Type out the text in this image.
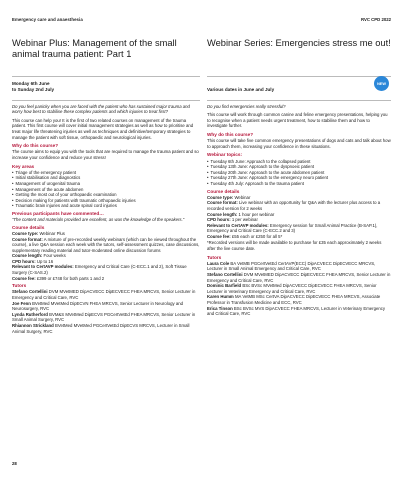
Emergency care and anaesthesia	RVC CPD 2022
Webinar Plus: Management of the small animal trauma patient: Part 1
Monday 6th June
to Sunday 2nd July
Do you feel panicky when you are faced with the patient who has sustained major trauma and worry how best to stabilise these complex patients and which injuries to treat first?

This course can help you! It is the first of two related courses on management of the trauma patient. This first course will cover initial management strategies as well as how to prioritise and treat major life threatening injuries as well as techniques and definitive/temporary strategies to manage the patient with soft tissue, orthopaedic and neurological injuries.

Why do this course?

The course aims to equip you with the tools that are required to manage the trauma patient and so increase your confidence and reduce your stress!

Key areas
• Triage of the emergency patient
• Initial stabilisation and diagnostics
• Management of urogenital trauma
• Management of the acute abdomen
• Getting the most out of your orthopaedic examination
• Decision making for patients with traumatic orthopaedic injuries
• Traumatic brain injuries and acute spinal cord injuries
Previous participants have commented…
“The content and materials provided are excellent, as was the knowledge of the speakers.”
Course details
Course type: Webinar Plus
Course format: A mixture of pre-recorded weekly webinars (which can be viewed throughout the course), a live Q&A session each week with the tutors, self-assessment quizzes, case discussions, supplementary reading material and tutor-moderated online discussion forums
Course length: Four weeks
CPD hours: Up to 16
Relevant to CertAVP modules: Emergency and Critical Care (C-ECC.1 and 2), Soft Tissue Surgery (C-SAS.2)
Course fee: £399 or £748 for both parts 1 and 2
Tutors
Stefano Cortellini DVM MVetMED DipACVECC DipECVECC FHEA MRCVS, Senior Lecturer in Emergency and Critical Care, RVC
Joe Fenn BVetMed MVetMed DipECVN FHEA MRCVS, Senior Lecturer in Neurology and Neurosurgery, RVC
Lynda Rutherford BVM&S MVetMed DipECVS PGCertVetEd FHEA MRCVS, Senior Lecturer in Small Animal Surgery, RVC
Rhiannon Strickland BVetMed MVetMed PGCertVetEd DipECVS MRCVS, Lecturer in Small Animal Surgery, RVC
Webinar Series: Emergencies stress me out!
Various dates in June and July
NEW
Do you find emergencies really stressful?

This course will work through common canine and feline emergency presentations, helping you to recognise when a patient needs urgent treatment, how to stabilise them and how to investigate further.

Why do this course?

This course will take five common emergency presentations of dogs and cats and talk about how to approach them, increasing your confidence in these situations.

Webinar topics:
• Tuesday 6th June: Approach to the collapsed patient
• Tuesday 13th June: Approach to the dyspnoeic patient
• Tuesday 20th June: Approach to the acute abdomen patient
• Tuesday 27th June: Approach to the emergency neuro patient
• Tuesday 4th July: Approach to the trauma patient
Course details
Course type: Webinar
Course format: Live webinar with an opportunity for Q&A with the lecturer plus access to a recorded version for 2 weeks
Course length: 1 hour per webinar
CPD hours: 1 per webinar
Relevant to CertAVP modules: Emergency session for Small Animal Practice (B-SAP.1), Emergency and Critical Care (C-ECC.2 and 3)
Course fee: £55 each or £250 for all 5*

*Recorded versions will be made available to purchase for £35 each approximately 2 weeks after the live course date.

Tutors
Laura Cole BA VetMB PGCertVetEd CertAVP(ECC) DipACVECC DipECVECC MRCVS, Lecturer in Small Animal Emergency and Critical Care, RVC
Stefano Cortellini DVM MVetMED DipACVECC DipECVECC FHEA MRCVS, Senior Lecturer in Emergency and Critical Care, RVC
Dominic Barfield BSc BVSc MVetMed DipACVECC DipECVECC FHEA MRCVS, Senior Lecturer in Veterinary Emergency and Critical Care, RVC
Karen Humm MA VetMB MSc CertVA DipACVECC DipECVECC FHEA MRCVS, Associate Professor in Transfusion Medicine and ECC, RVC
Erica Tinson BSc BVSc MVS DipACVECC FHEA MRCVS, Lecturer in Veterinary Emergency and Critical Care, RVC
28
